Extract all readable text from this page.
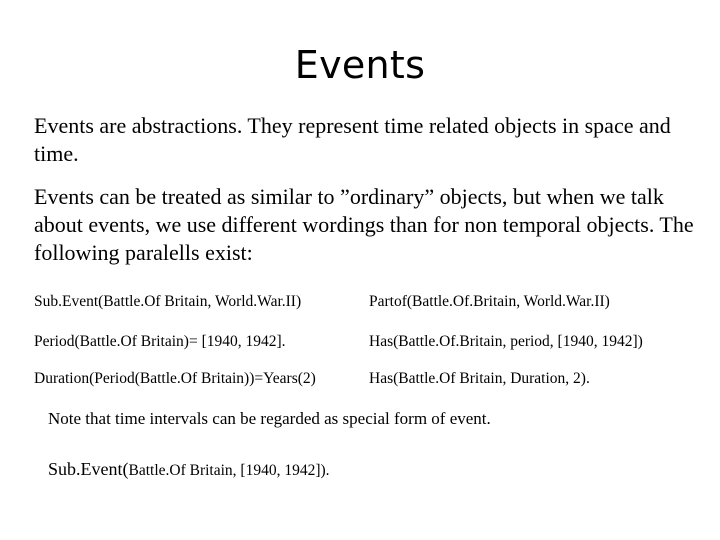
Events
Events are abstractions. They represent time related objects in space and time.
Events can be treated as similar to ”ordinary” objects, but when we talk about events, we use different wordings than for non temporal objects. The following paralells exist:
Sub.Event(Battle.Of Britain, World.War.II)	Partof(Battle.Of.Britain, World.War.II)
Period(Battle.Of Britain)= [1940, 1942].	Has(Battle.Of.Britain, period, [1940, 1942])
Duration(Period(Battle.Of Britain))=Years(2)	Has(Battle.Of Britain, Duration, 2).
Note that time intervals can be regarded as special form of event.
Sub.Event(Battle.Of Britain, [1940, 1942]).
